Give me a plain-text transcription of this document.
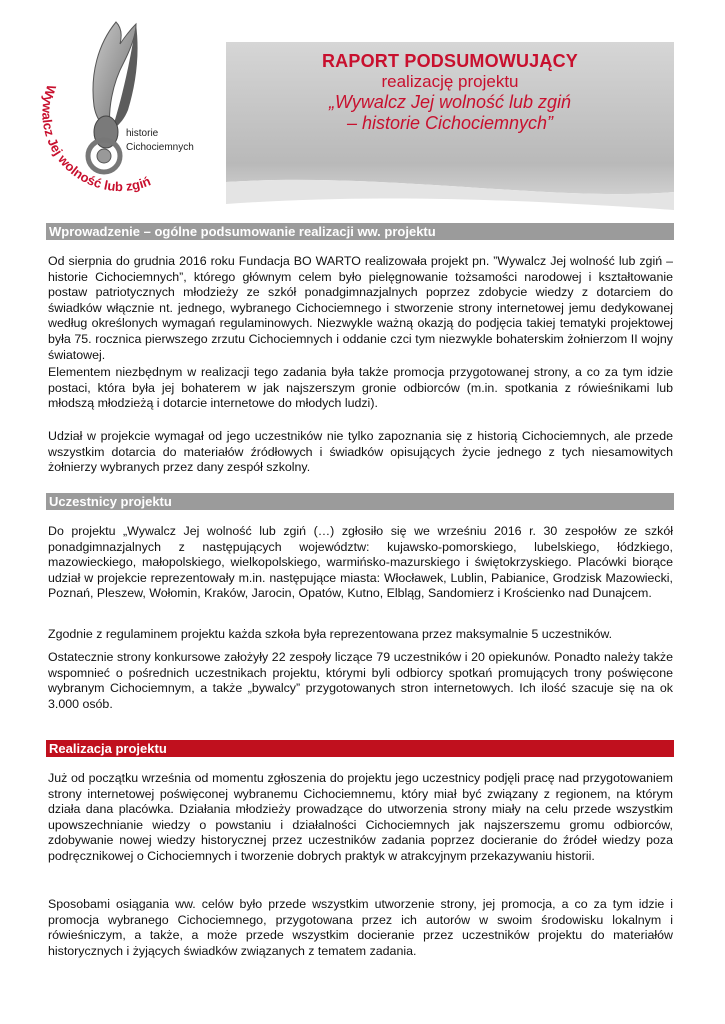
Wywalcz Jej wolność lub zgiń
historie
Cichociemnych
RAPORT PODSUMOWUJĄCY
realizację projektu
„Wywalcz Jej wolność lub zgiń
– historie Cichociemnych”
Wprowadzenie – ogólne podsumowanie realizacji ww. projektu

Od sierpnia do grudnia 2016 roku Fundacja BO WARTO realizowała projekt pn. ”Wywalcz Jej wolność lub zgiń – historie Cichociemnych”, którego głównym celem było pielęgnowanie tożsamości narodowej i kształtowanie postaw patriotycznych młodzieży ze szkół ponadgimnazjalnych poprzez zdobycie wiedzy z dotarciem do świadków włącznie nt. jednego, wybranego Cichociemnego i stworzenie strony internetowej jemu dedykowanej według określonych wymagań regulaminowych. Niezwykle ważną okazją do podjęcia takiej tematyki projektowej była 75. rocznica pierwszego zrzutu Cichociemnych i oddanie czci tym niezwykle bohaterskim żołnierzom II wojny światowej.

Elementem niezbędnym w realizacji tego zadania była także promocja przygotowanej strony, a co za tym idzie postaci, która była jej bohaterem w jak najszerszym gronie odbiorców (m.in. spotkania z rówieśnikami lub młodszą młodzieżą i dotarcie internetowe do młodych ludzi).

Udział w projekcie wymagał od jego uczestników nie tylko zapoznania się z historią Cichociemnych, ale przede wszystkim dotarcia do materiałów źródłowych i świadków opisujących życie jednego z tych niesamowitych żołnierzy wybranych przez dany zespół szkolny.

Uczestnicy projektu

Do projektu „Wywalcz Jej wolność lub zgiń (…) zgłosiło się we wrześniu 2016 r. 30 zespołów ze szkół ponadgimnazjalnych z następujących województw: kujawsko-pomorskiego, lubelskiego, łódzkiego, mazowieckiego, małopolskiego, wielkopolskiego, warmińsko-mazurskiego i świętokrzyskiego. Placówki biorące udział w projekcie reprezentowały m.in. następujące miasta: Włocławek, Lublin, Pabianice, Grodzisk Mazowiecki, Poznań, Pleszew, Wołomin, Kraków, Jarocin, Opatów, Kutno, Elbląg, Sandomierz i Krościenko nad Dunajcem.

Zgodnie z regulaminem projektu każda szkoła była reprezentowana przez maksymalnie 5 uczestników.

Ostatecznie strony konkursowe założyły 22 zespoły liczące 79 uczestników i 20 opiekunów. Ponadto należy także wspomnieć o pośrednich uczestnikach projektu, którymi byli odbiorcy spotkań promujących trony poświęcone wybranym Cichociemnym, a także „bywalcy” przygotowanych stron internetowych. Ich ilość szacuje się na ok 3.000 osób.

Realizacja projektu

Już od początku września od momentu zgłoszenia do projektu jego uczestnicy podjęli pracę nad przygotowaniem strony internetowej poświęconej wybranemu Cichociemnemu, który miał być związany z regionem, na którym działa dana placówka. Działania młodzieży prowadzące do utworzenia strony miały na celu przede wszystkim upowszechnianie wiedzy o powstaniu i działalności Cichociemnych jak najszerszemu gromu odbiorców, zdobywanie nowej wiedzy historycznej przez uczestników zadania poprzez docieranie do źródeł wiedzy poza podręcznikowej o Cichociemnych i tworzenie dobrych praktyk w atrakcyjnym przekazywaniu historii.

Sposobami osiągania ww. celów było przede wszystkim utworzenie strony, jej promocja, a co za tym idzie i promocja wybranego Cichociemnego, przygotowana przez ich autorów w swoim środowisku lokalnym i rówieśniczym, a także, a może przede wszystkim docieranie przez uczestników projektu do materiałów historycznych i żyjących świadków związanych z tematem zadania.
